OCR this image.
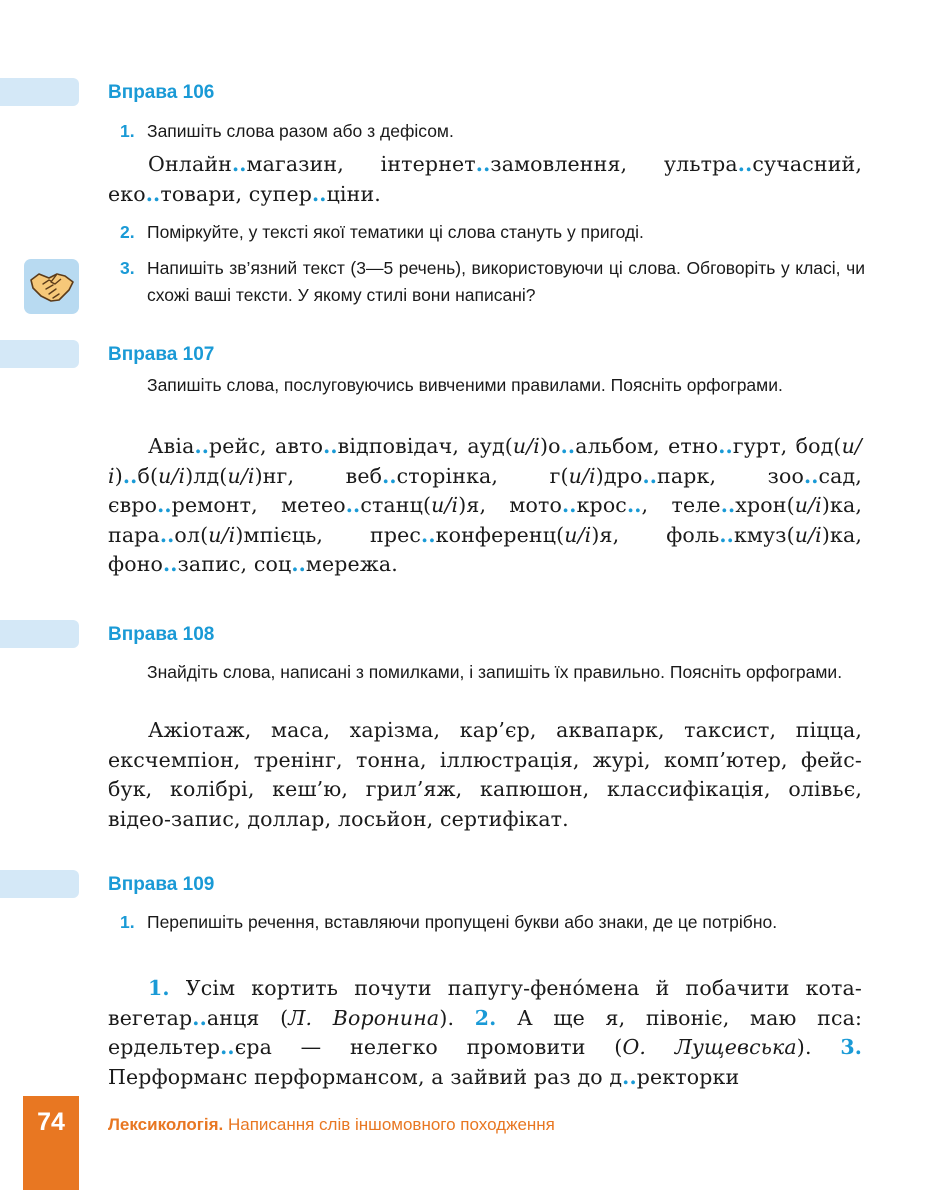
Вправа 106
1. Запишіть слова разом або з дефісом.

Онлайн..магазин, інтернет..замовлення, ультра..сучасний, еко..товари, супер..ціни.

2. Поміркуйте, у тексті якої тематики ці слова стануть у пригоді.
3. Напишіть зв’язний текст (3—5 речень), використовуючи ці слова. Обговоріть у класі, чи схожі ваші тексти. У якому стилі вони написані?
Вправа 107
Запишіть слова, послуговуючись вивченими правилами. Поясніть орфограми.

Авіа..рейс, авто..відповідач, ауд(и/і)о..альбом, етно..гурт, бод(и/і)..б(и/і)лд(и/і)нг, веб..сторінка, г(и/і)дро..парк, зоо..сад, євро..ремонт, метео..станц(и/і)я, мото..крос.., теле..хрон(и/і)ка, пара..ол(и/і)мпієць, прес..конференц(и/і)я, фоль..кмуз(и/і)ка, фоно..запис, соц..мережа.

Вправа 108
Знайдіть слова, написані з помилками, і запишіть їх правильно. Поясніть орфограми.

Ажіотаж, маса, харізма, кар’єр, аквапарк, таксист, піцца, ексчемпіон, тренінг, тонна, іллюстрація, журі, комп’ютер, фейс-бук, колібрі, кеш’ю, грил’яж, капюшон, классифікація, олівьє, відео-запис, доллар, лосьйон, сертифікат.

Вправа 109
1. Перепишіть речення, вставляючи пропущені букви або знаки, де це потрібно.

1. Усім кортить почути папугу-фено́мена й побачити кота-вегетар..анця (Л. Воронина). 2. А ще я, півоніє, маю пса: ердельтер..єра — нелегко промовити (О. Лущевська). 3. Перформанс перформансом, а зайвий раз до д..ректорки

74	Лексикологія. Написання слів іншомовного походження
